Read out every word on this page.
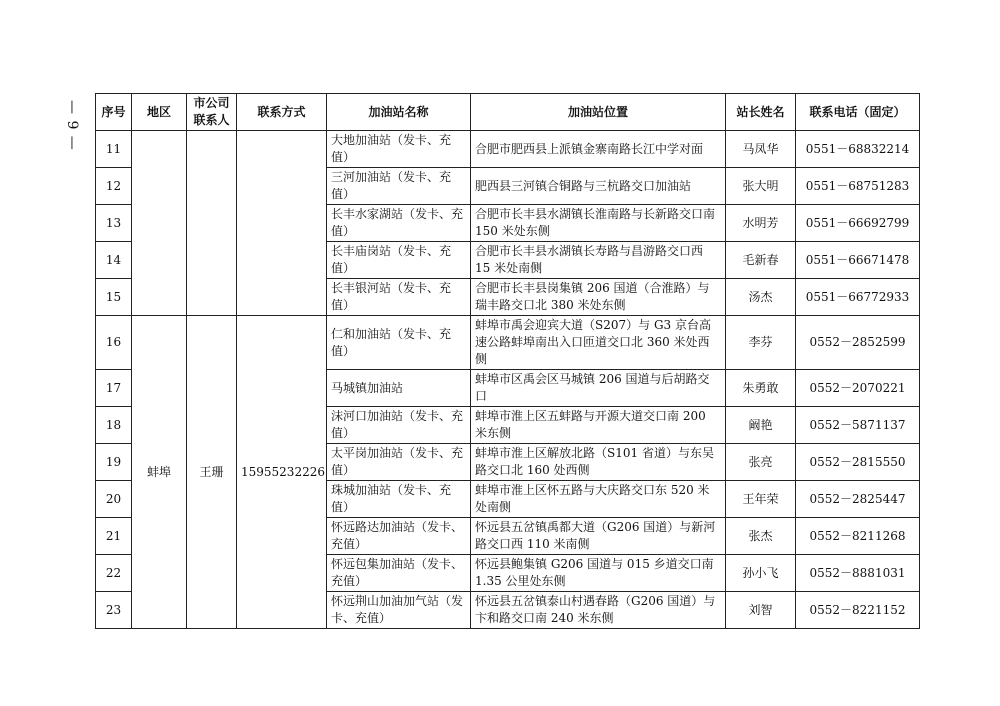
— 9 —	序号	地区	市公司联系人	联系方式	加油站名称	加油站位置	站长姓名	联系电话（固定）
11				大地加油站（发卡、充值）	合肥市肥西县上派镇金寨南路长江中学对面	马凤华	0551－68832214
12				三河加油站（发卡、充值）	肥西县三河镇合铜路与三杭路交口加油站	张大明	0551－68751283
13				长丰水家湖站（发卡、充值）	合肥市长丰县水湖镇长淮南路与长新路交口南 150 米处东侧	水明芳	0551－66692799
14				长丰庙岗站（发卡、充值）	合肥市长丰县水湖镇长寿路与昌游路交口西 15 米处南侧	毛新春	0551－66671478
15				长丰银河站（发卡、充值）	合肥市长丰县岗集镇 206 国道（合淮路）与瑞丰路交口北 380 米处东侧	汤杰	0551－66772933
16	蚌埠	王珊	15955232226	仁和加油站（发卡、充值）	蚌埠市禹会迎宾大道（S207）与 G3 京台高速公路蚌埠南出入口匝道交口北 360 米处西侧	李芬	0552－2852599
17				马城镇加油站	蚌埠市区禹会区马城镇 206 国道与后胡路交口	朱勇敢	0552－2070221
18				沫河口加油站（发卡、充值）	蚌埠市淮上区五蚌路与开源大道交口南 200 米东侧	阚艳	0552－5871137
19				太平岗加油站（发卡、充值）	蚌埠市淮上区解放北路（S101 省道）与东吴路交口北 160 处西侧	张亮	0552－2815550
20				珠城加油站（发卡、充值）	蚌埠市淮上区怀五路与大庆路交口东 520 米处南侧	王年荣	0552－2825447
21				怀远路达加油站（发卡、充值）	怀远县五岔镇禹都大道（G206 国道）与新河路交口西 110 米南侧	张杰	0552－8211268
22				怀远包集加油站（发卡、充值）	怀远县鲍集镇 G206 国道与 015 乡道交口南 1.35 公里处东侧	孙小飞	0552－8881031
23				怀远荆山加油加气站（发卡、充值）	怀远县五岔镇泰山村遇春路（G206 国道）与卞和路交口南 240 米东侧	刘智	0552－8221152
